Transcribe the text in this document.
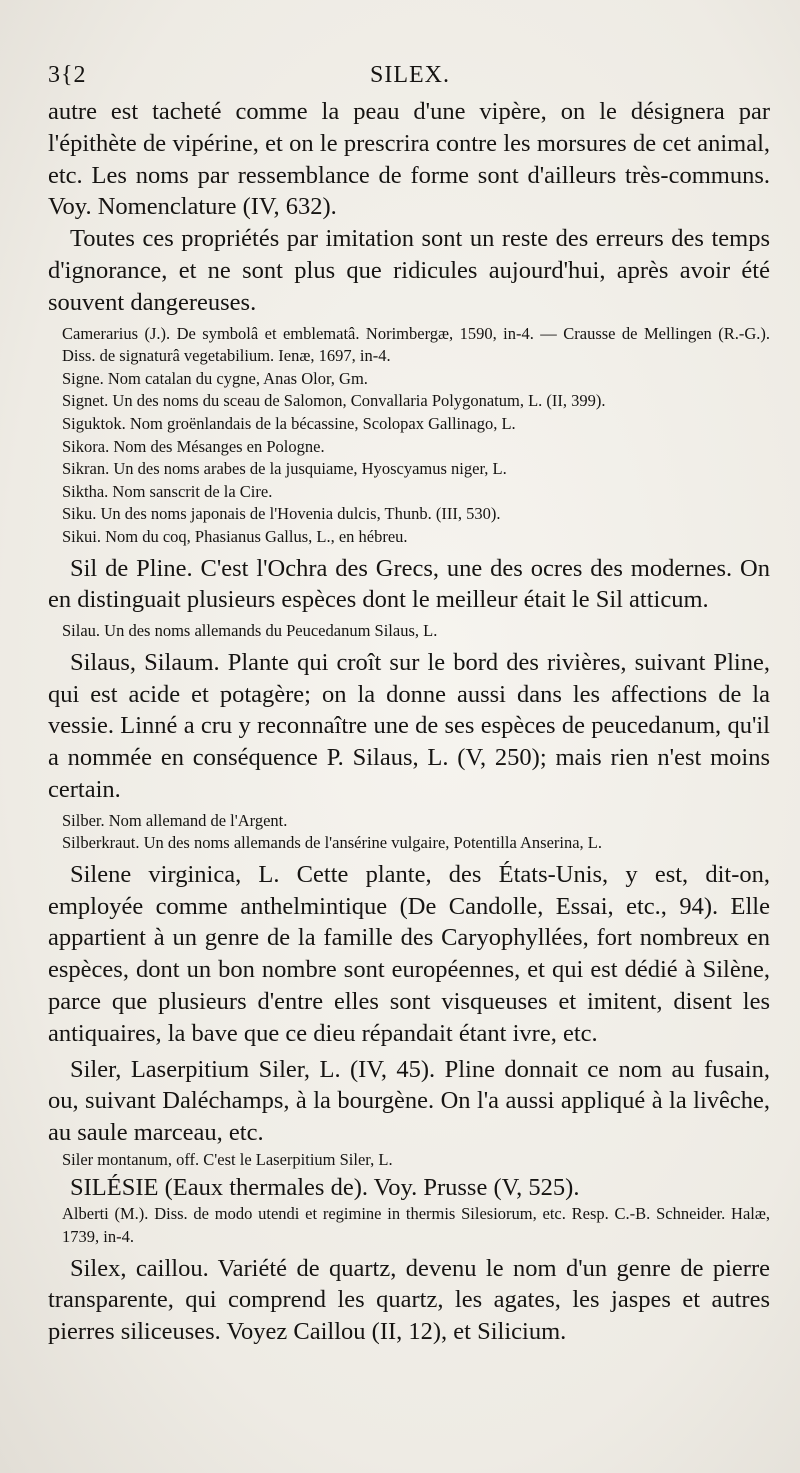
3{2	SILEX.

autre est tacheté comme la peau d'une vipère, on le désignera par l'épithète de vipérine, et on le prescrira contre les morsures de cet animal, etc. Les noms par ressemblance de forme sont d'ailleurs très-communs. Voy. Nomenclature (IV, 632).

Toutes ces propriétés par imitation sont un reste des erreurs des temps d'ignorance, et ne sont plus que ridicules aujourd'hui, après avoir été souvent dangereuses.

Camerarius (J.). De symbolâ et emblematâ. Norimbergæ, 1590, in-4. — Crausse de Mellingen (R.-G.). Diss. de signaturâ vegetabilium. Ienæ, 1697, in-4.

Signe. Nom catalan du cygne, Anas Olor, Gm.

Signet. Un des noms du sceau de Salomon, Convallaria Polygonatum, L. (II, 399).

Siguktok. Nom groënlandais de la bécassine, Scolopax Gallinago, L.

Sikora. Nom des Mésanges en Pologne.

Sikran. Un des noms arabes de la jusquiame, Hyoscyamus niger, L.

Siktha. Nom sanscrit de la Cire.

Siku. Un des noms japonais de l'Hovenia dulcis, Thunb. (III, 530).

Sikui. Nom du coq, Phasianus Gallus, L., en hébreu.

Sil de Pline. C'est l'Ochra des Grecs, une des ocres des modernes. On en distinguait plusieurs espèces dont le meilleur était le Sil atticum.

Silau. Un des noms allemands du Peucedanum Silaus, L.

Silaus, Silaum. Plante qui croît sur le bord des rivières, suivant Pline, qui est acide et potagère; on la donne aussi dans les affections de la vessie. Linné a cru y reconnaître une de ses espèces de peucedanum, qu'il a nommée en conséquence P. Silaus, L. (V, 250); mais rien n'est moins certain.

Silber. Nom allemand de l'Argent.

Silberkraut. Un des noms allemands de l'ansérine vulgaire, Potentilla Anserina, L.

Silene virginica, L. Cette plante, des États-Unis, y est, dit-on, employée comme anthelmintique (De Candolle, Essai, etc., 94). Elle appartient à un genre de la famille des Caryophyllées, fort nombreux en espèces, dont un bon nombre sont européennes, et qui est dédié à Silène, parce que plusieurs d'entre elles sont visqueuses et imitent, disent les antiquaires, la bave que ce dieu répandait étant ivre, etc.

Siler, Laserpitium Siler, L. (IV, 45). Pline donnait ce nom au fusain, ou, suivant Daléchamps, à la bourgène. On l'a aussi appliqué à la livêche, au saule marceau, etc.

Siler montanum, off. C'est le Laserpitium Siler, L.

SILÉSIE (Eaux thermales de). Voy. Prusse (V, 525).

Alberti (M.). Diss. de modo utendi et regimine in thermis Silesiorum, etc. Resp. C.-B. Schneider. Halæ, 1739, in-4.

Silex, caillou. Variété de quartz, devenu le nom d'un genre de pierre transparente, qui comprend les quartz, les agates, les jaspes et autres pierres siliceuses. Voyez Caillou (II, 12), et Silicium.
